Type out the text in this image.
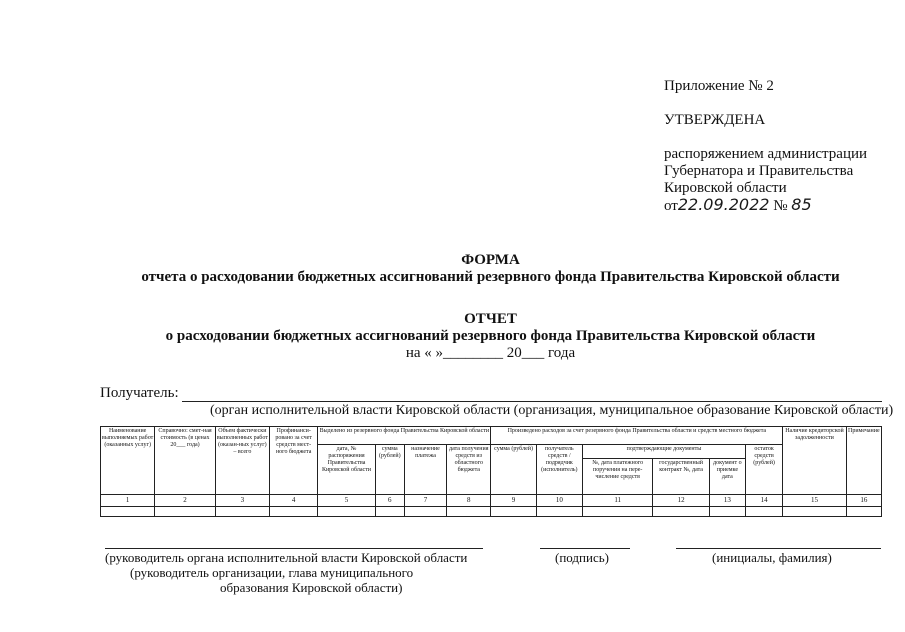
Приложение № 2
УТВЕРЖДЕНА
распоряжением администрации
Губернатора и Правительства
Кировской области
от22.09.2022 № 85
ФОРМА
отчета о расходовании бюджетных ассигнований резервного фонда Правительства Кировской области
ОТЧЕТ
о расходовании бюджетных ассигнований резервного фонда Правительства Кировской области
на « »________ 20___ года
Получатель:
(орган исполнительной власти Кировской области (организация, муниципальное образование Кировской области)
Наименование выполняемых работ (оказанных услуг)	Справочно: смет-ная стоимость (в ценах 20___ года)	Объем фактически выполненных работ (оказан-ных услуг) – всего	Профинанси-ровано за счет средств мест-ного бюджета	Выделено из резервного фонда Правительства Кировской области				Произведено расходов за счет резервного фонда Правительства области и средств местного бюджета						Наличие кредиторской задолженности	Примечание
				дата, № распоряжения Правительства Кировской области	сумма (рублей)	назначение платежа	дата получения средств из областного бюджета	сумма (рублей)	получатель средств / подрядчик (исполнитель)	подтверждающие документы			остаток средств (рублей)		
										№, дата платежного поручения на пере-числение средств	государственный контракт №, дата	документ о приемке дата			
1	2	3	4	5	6	7	8	9	10	11	12	13	14	15	16

(руководитель органа исполнительной власти Кировской области
(руководитель организации, глава муниципального
образования Кировской области)
(подпись)	(инициалы, фамилия)
